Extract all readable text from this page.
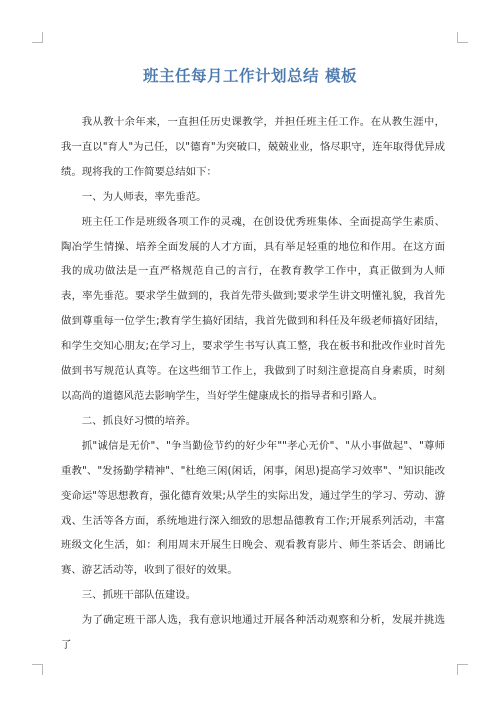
班主任每月工作计划总结 模板

我从教十余年来，一直担任历史课教学，并担任班主任工作。在从教生涯中，我一直以"育人"为己任，以"德育"为突破口，兢兢业业，恪尽职守，连年取得优异成绩。现将我的工作简要总结如下：

一、为人师表，率先垂范。

班主任工作是班级各项工作的灵魂，在创设优秀班集体、全面提高学生素质、陶冶学生情操、培养全面发展的人才方面，具有举足轻重的地位和作用。在这方面我的成功做法是一直严格规范自己的言行，在教育教学工作中，真正做到为人师表，率先垂范。要求学生做到的，我首先带头做到;要求学生讲文明懂礼貌，我首先做到尊重每一位学生;教育学生搞好团结，我首先做到和科任及年级老师搞好团结，和学生交知心朋友;在学习上，要求学生书写认真工整，我在板书和批改作业时首先做到书写规范认真等。在这些细节工作上，我做到了时刻注意提高自身素质，时刻以高尚的道德风范去影响学生，当好学生健康成长的指导者和引路人。

二、抓良好习惯的培养。

抓"诚信是无价"、"争当勤俭节约的好少年""孝心无价"、"从小事做起"、"尊师重教"、"发扬勤学精神"、"杜绝三闲(闲话，闲事，闲思)提高学习效率"、"知识能改变命运"等思想教育，强化德育效果;从学生的实际出发，通过学生的学习、劳动、游戏、生活等各方面，系统地进行深入细致的思想品德教育工作;开展系列活动，丰富班级文化生活，如：利用周末开展生日晚会、观看教育影片、师生茶话会、朗诵比赛、游艺活动等，收到了很好的效果。

三、抓班干部队伍建设。

为了确定班干部人选，我有意识地通过开展各种活动观察和分析，发展并挑选了
